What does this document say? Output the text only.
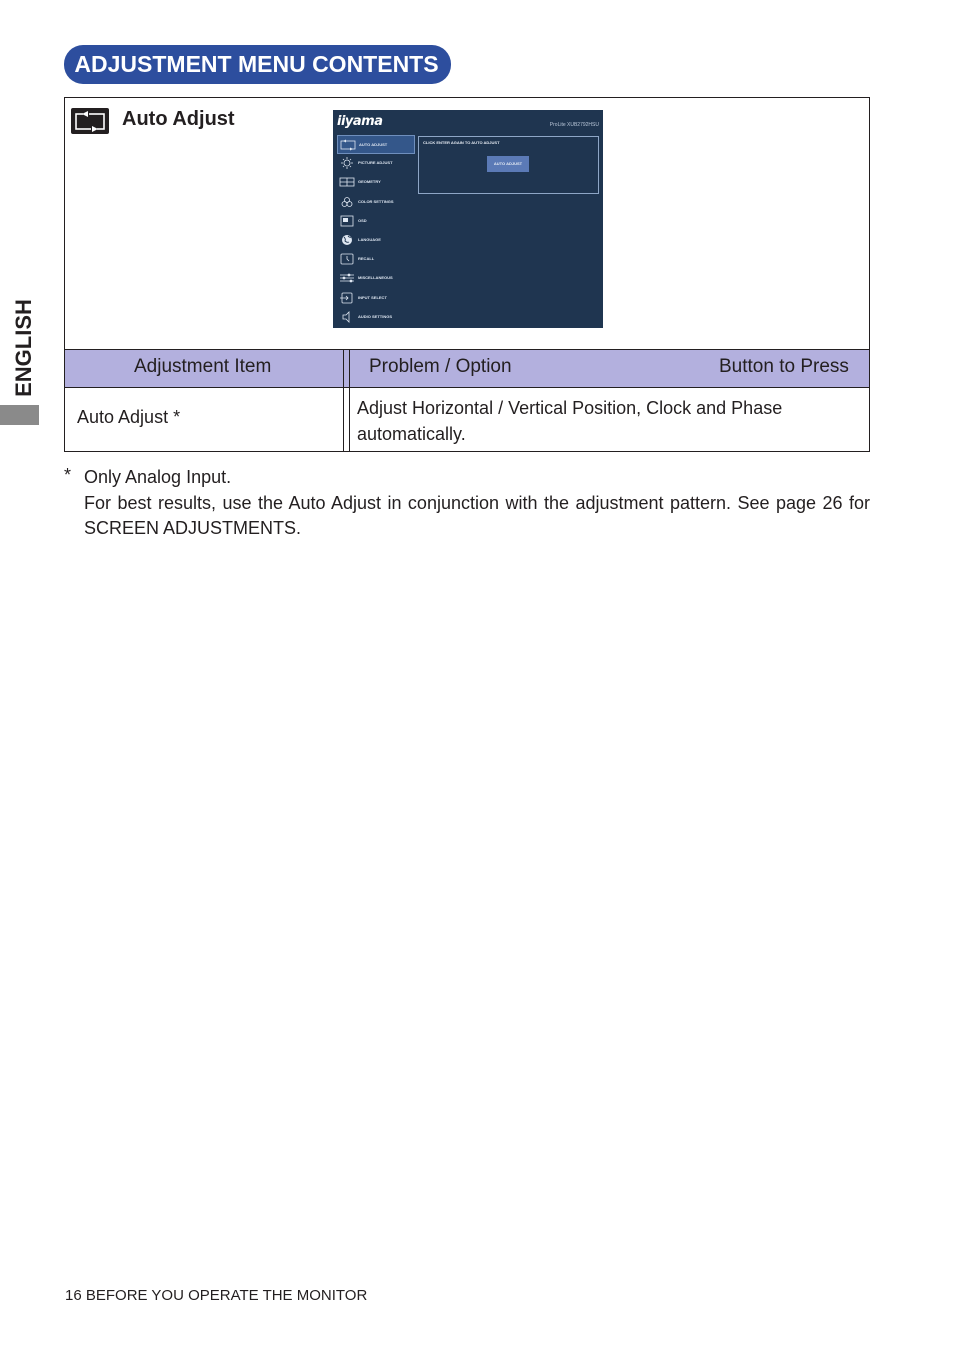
ADJUSTMENT MENU CONTENTS
ENGLISH
Auto Adjust	iiyama	ProLite XUB2792HSU
AUTO ADJUST
PICTURE ADJUST
GEOMETRY
COLOR SETTINGS
OSD
LANGUAGE
RECALL
MISCELLANEOUS
INPUT SELECT
AUDIO SETTINGS
CLICK ENTER AGAIN TO AUTO ADJUST
AUTO ADJUST
Adjustment Item	Problem / Option	Button to Press
Auto Adjust *	Adjust Horizontal / Vertical Position, Clock and Phase automatically.
* Only Analog Input.

For best results, use the Auto Adjust in conjunction with the adjustment pattern. See page 26 for SCREEN ADJUSTMENTS.

16 BEFORE YOU OPERATE THE MONITOR
